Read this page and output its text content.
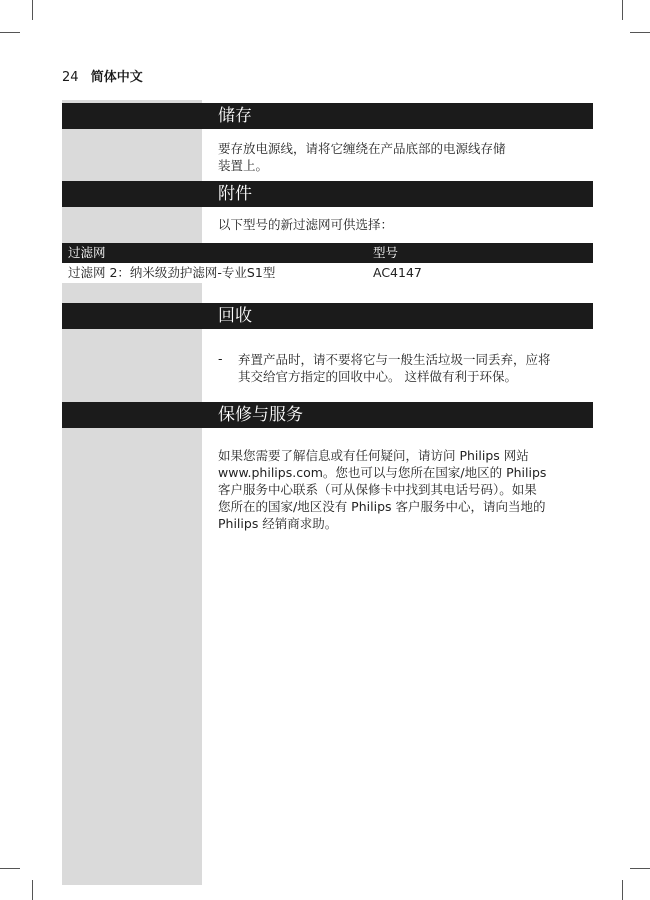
24 简体中文
储存
要存放电源线，请将它缠绕在产品底部的电源线存储
装置上。
附件
以下型号的新过滤网可供选择：
过滤网	型号
过滤网 2：纳米级劲护滤网-专业S1型	AC4147
回收
- 弃置产品时，请不要将它与一般生活垃圾一同丢弃，应将
其交给官方指定的回收中心。 这样做有利于环保。
保修与服务
如果您需要了解信息或有任何疑问，请访问 Philips 网站
www.philips.com。您也可以与您所在国家/地区的 Philips
客户服务中心联系（可从保修卡中找到其电话号码）。如果
您所在的国家/地区没有 Philips 客户服务中心，请向当地的
Philips 经销商求助。
